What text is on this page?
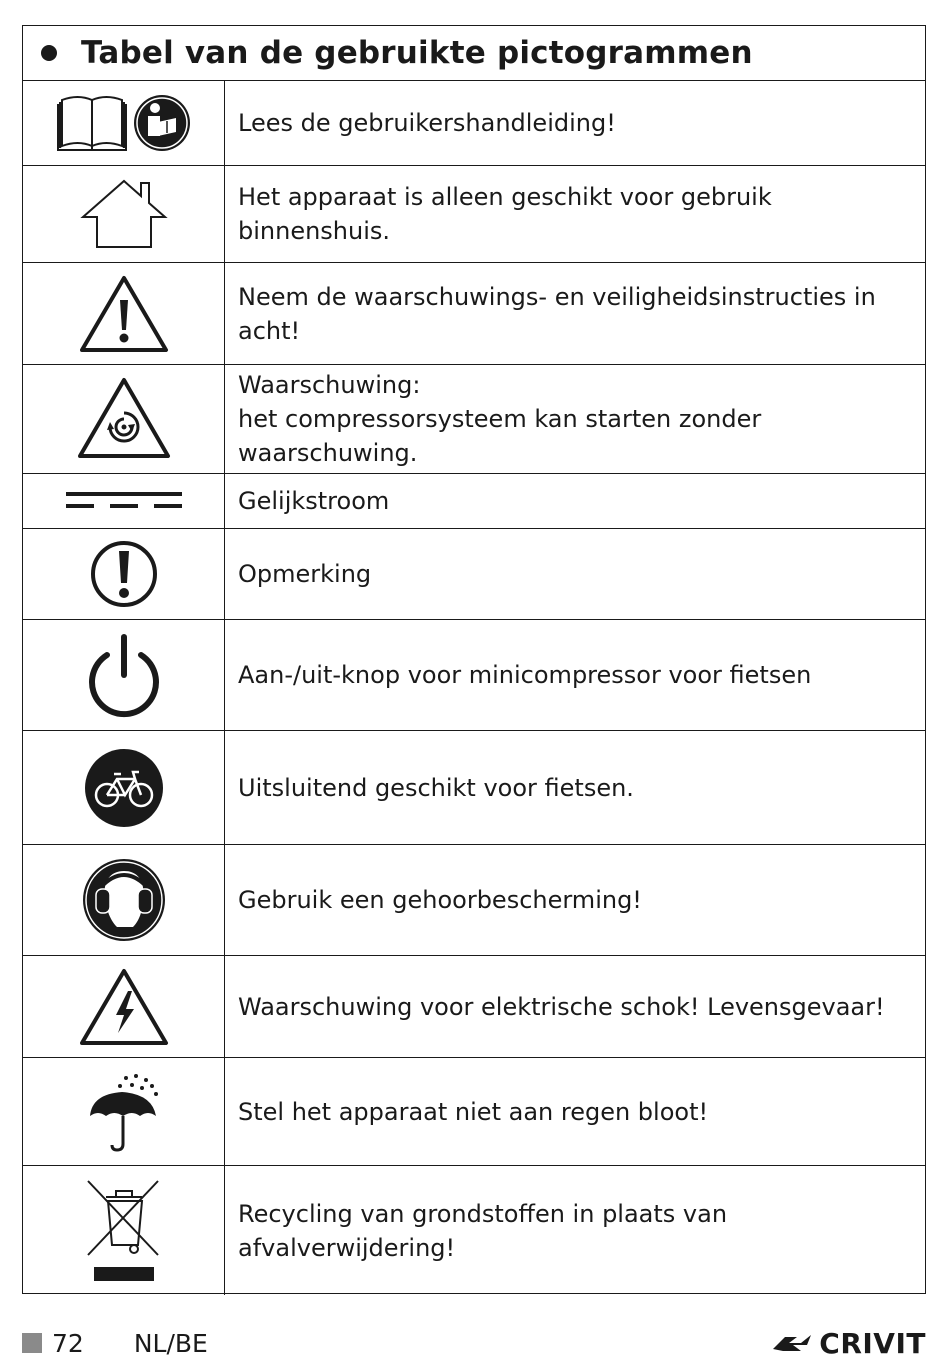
Tabel van de gebruikte pictogrammen
Lees de gebruikershandleiding!
Het apparaat is alleen geschikt voor gebruik binnenshuis.
Neem de waarschuwings- en veiligheidsinstructies in acht!
Waarschuwing:
het compressorsysteem kan starten zonder waarschuwing.
Gelijkstroom
Opmerking
Aan-/uit-knop voor minicompressor voor fietsen
Uitsluitend geschikt voor fietsen.
Gebruik een gehoorbescherming!
Waarschuwing voor elektrische schok! Levensgevaar!
Stel het apparaat niet aan regen bloot!
Recycling van grondstoffen in plaats van afvalverwijdering!
72 NL/BE	CRIVIT
